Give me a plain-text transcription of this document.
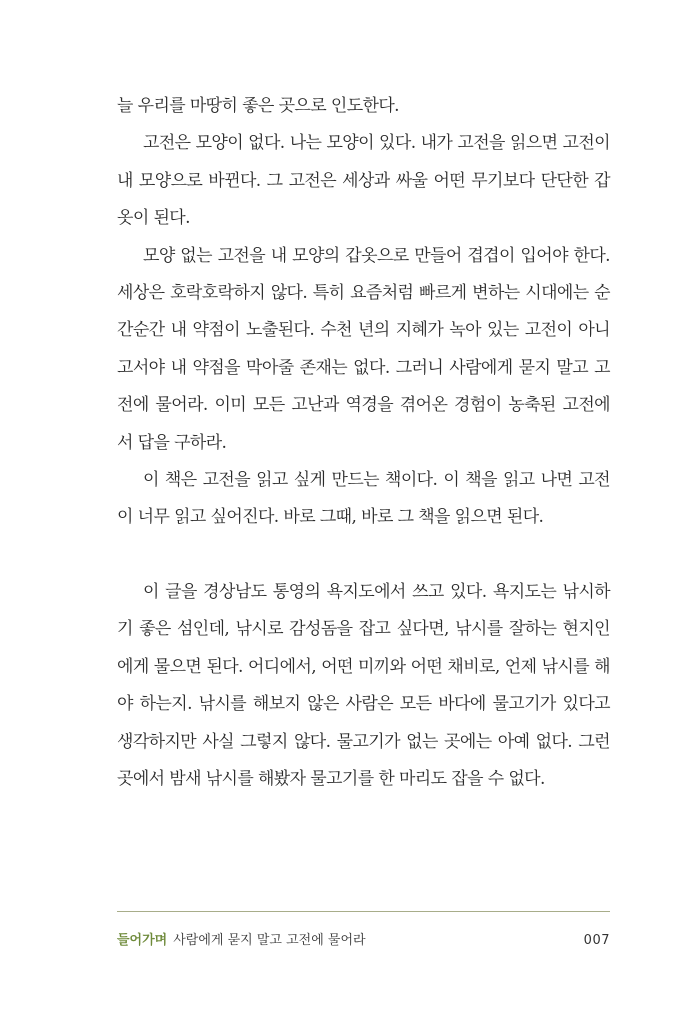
늘 우리를 마땅히 좋은 곳으로 인도한다.

고전은 모양이 없다. 나는 모양이 있다. 내가 고전을 읽으면 고전이
내 모양으로 바뀐다. 그 고전은 세상과 싸울 어떤 무기보다 단단한 갑
옷이 된다.

모양 없는 고전을 내 모양의 갑옷으로 만들어 겹겹이 입어야 한다.
세상은 호락호락하지 않다. 특히 요즘처럼 빠르게 변하는 시대에는 순
간순간 내 약점이 노출된다. 수천 년의 지혜가 녹아 있는 고전이 아니
고서야 내 약점을 막아줄 존재는 없다. 그러니 사람에게 묻지 말고 고
전에 물어라. 이미 모든 고난과 역경을 겪어온 경험이 농축된 고전에
서 답을 구하라.

이 책은 고전을 읽고 싶게 만드는 책이다. 이 책을 읽고 나면 고전
이 너무 읽고 싶어진다. 바로 그때, 바로 그 책을 읽으면 된다.

이 글을 경상남도 통영의 욕지도에서 쓰고 있다. 욕지도는 낚시하
기 좋은 섬인데, 낚시로 감성돔을 잡고 싶다면, 낚시를 잘하는 현지인
에게 물으면 된다. 어디에서, 어떤 미끼와 어떤 채비로, 언제 낚시를 해
야 하는지. 낚시를 해보지 않은 사람은 모든 바다에 물고기가 있다고
생각하지만 사실 그렇지 않다. 물고기가 없는 곳에는 아예 없다. 그런
곳에서 밤새 낚시를 해봤자 물고기를 한 마리도 잡을 수 없다.

들어가며 사람에게 묻지 말고 고전에 물어라	007
